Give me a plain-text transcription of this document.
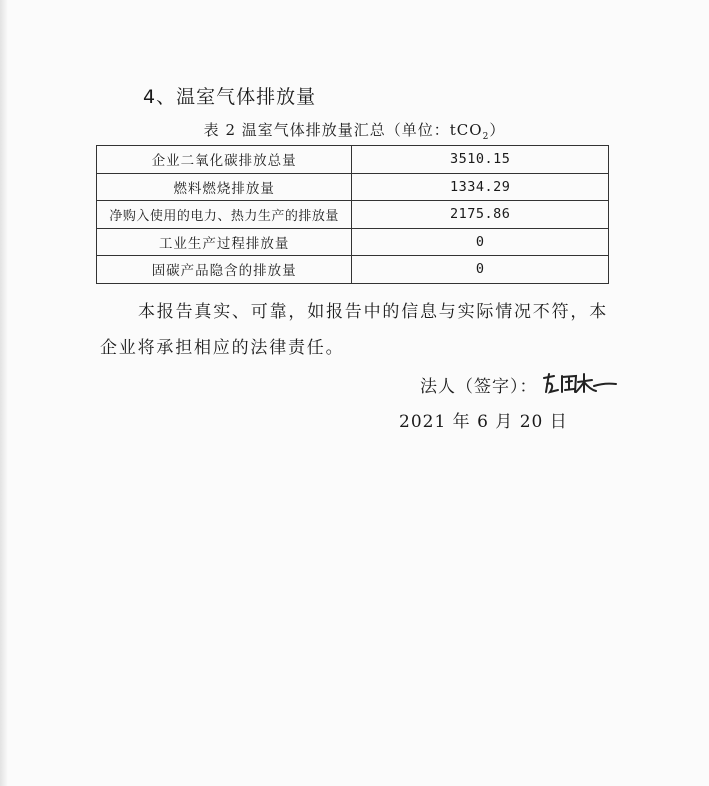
4、温室气体排放量
表 2 温室气体排放量汇总（单位：tCO$_2$）
企业二氧化碳排放总量	3510.15
燃料燃烧排放量	1334.29
净购入使用的电力、热力生产的排放量	2175.86
工业生产过程排放量	0
固碳产品隐含的排放量	0
本报告真实、可靠，如报告中的信息与实际情况不符，本企业将承担相应的法律责任。
法人（签字）：
2021 年 6 月 20 日
